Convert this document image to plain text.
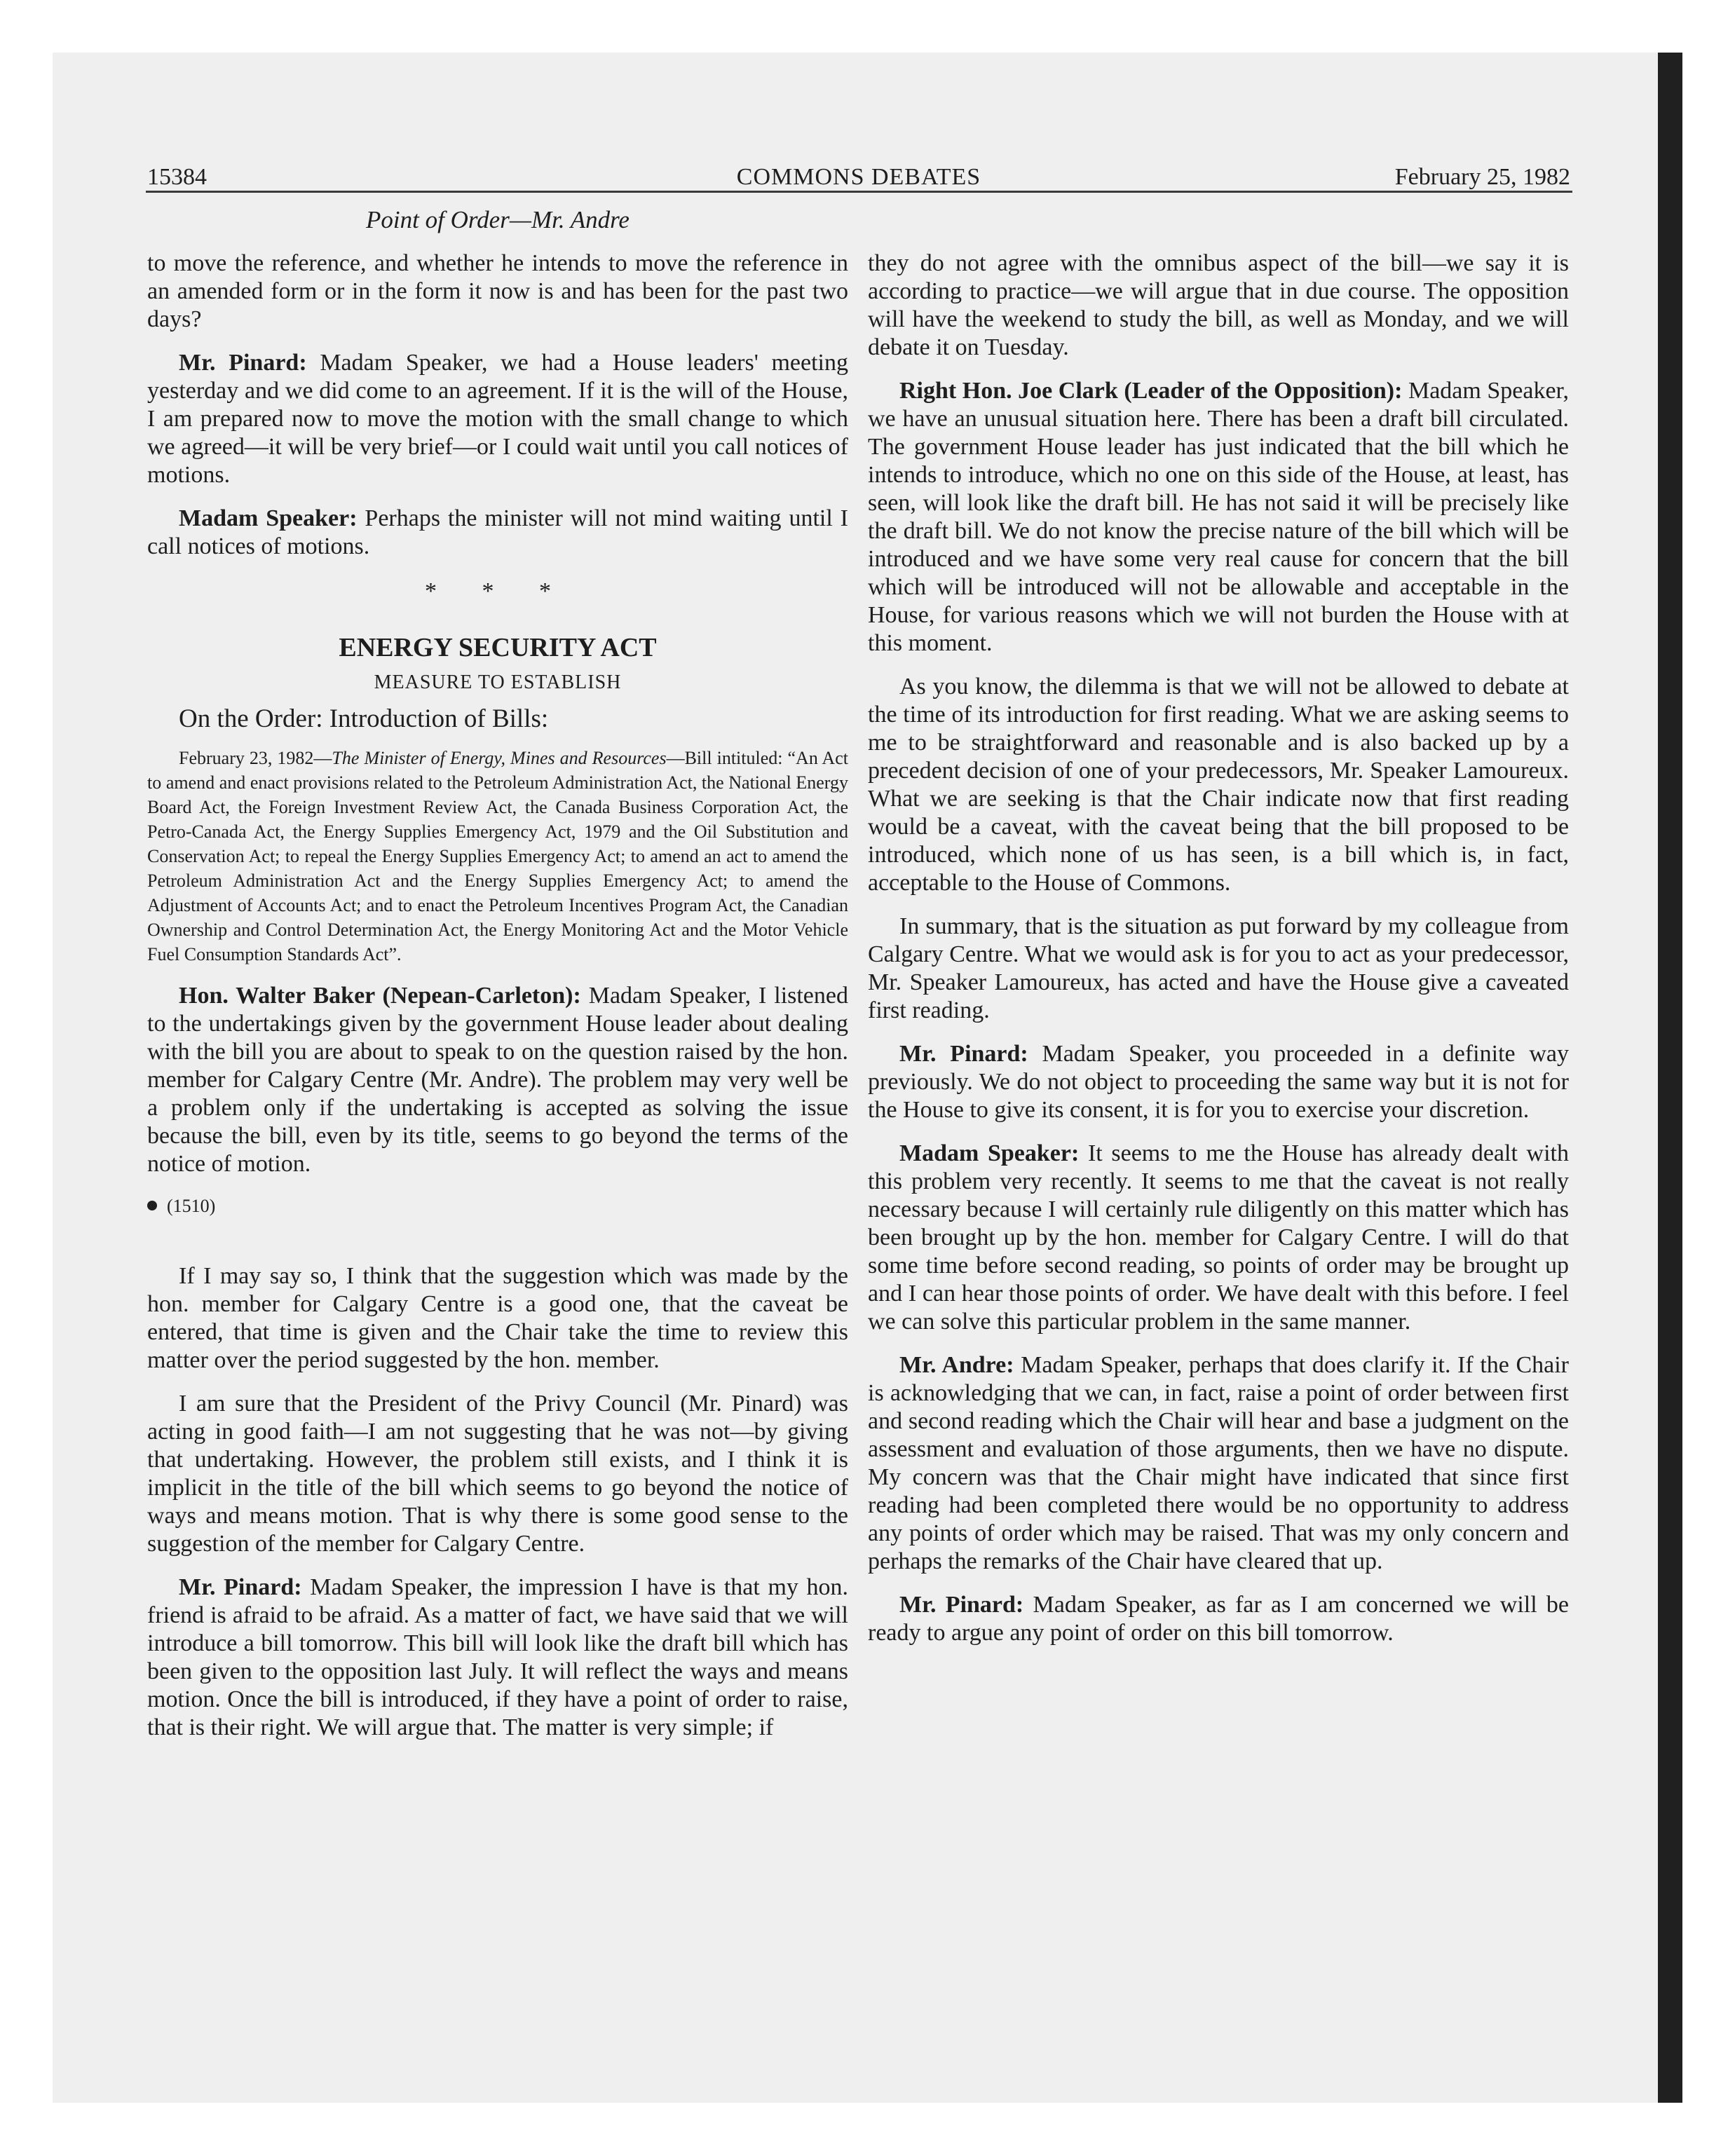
15384	COMMONS DEBATES	February 25, 1982
Point of Order—Mr. Andre

to move the reference, and whether he intends to move the reference in an amended form or in the form it now is and has been for the past two days?

Mr. Pinard: Madam Speaker, we had a House leaders' meeting yesterday and we did come to an agreement. If it is the will of the House, I am prepared now to move the motion with the small change to which we agreed—it will be very brief—or I could wait until you call notices of motions.

Madam Speaker: Perhaps the minister will not mind waiting until I call notices of motions.

* * *
ENERGY SECURITY ACT
MEASURE TO ESTABLISH
On the Order: Introduction of Bills:

February 23, 1982—The Minister of Energy, Mines and Resources—Bill intituled: “An Act to amend and enact provisions related to the Petroleum Administration Act, the National Energy Board Act, the Foreign Investment Review Act, the Canada Business Corporation Act, the Petro-Canada Act, the Energy Supplies Emergency Act, 1979 and the Oil Substitution and Conservation Act; to repeal the Energy Supplies Emergency Act; to amend an act to amend the Petroleum Administration Act and the Energy Supplies Emergency Act; to amend the Adjustment of Accounts Act; and to enact the Petroleum Incentives Program Act, the Canadian Ownership and Control Determination Act, the Energy Monitoring Act and the Motor Vehicle Fuel Consumption Standards Act”.

Hon. Walter Baker (Nepean-Carleton): Madam Speaker, I listened to the undertakings given by the government House leader about dealing with the bill you are about to speak to on the question raised by the hon. member for Calgary Centre (Mr. Andre). The problem may very well be a problem only if the undertaking is accepted as solving the issue because the bill, even by its title, seems to go beyond the terms of the notice of motion.

(1510)

If I may say so, I think that the suggestion which was made by the hon. member for Calgary Centre is a good one, that the caveat be entered, that time is given and the Chair take the time to review this matter over the period suggested by the hon. member.

I am sure that the President of the Privy Council (Mr. Pinard) was acting in good faith—I am not suggesting that he was not—by giving that undertaking. However, the problem still exists, and I think it is implicit in the title of the bill which seems to go beyond the notice of ways and means motion. That is why there is some good sense to the suggestion of the member for Calgary Centre.

Mr. Pinard: Madam Speaker, the impression I have is that my hon. friend is afraid to be afraid. As a matter of fact, we have said that we will introduce a bill tomorrow. This bill will look like the draft bill which has been given to the opposition last July. It will reflect the ways and means motion. Once the bill is introduced, if they have a point of order to raise, that is their right. We will argue that. The matter is very simple; if

they do not agree with the omnibus aspect of the bill—we say it is according to practice—we will argue that in due course. The opposition will have the weekend to study the bill, as well as Monday, and we will debate it on Tuesday.

Right Hon. Joe Clark (Leader of the Opposition): Madam Speaker, we have an unusual situation here. There has been a draft bill circulated. The government House leader has just indicated that the bill which he intends to introduce, which no one on this side of the House, at least, has seen, will look like the draft bill. He has not said it will be precisely like the draft bill. We do not know the precise nature of the bill which will be introduced and we have some very real cause for concern that the bill which will be introduced will not be allowable and acceptable in the House, for various reasons which we will not burden the House with at this moment.

As you know, the dilemma is that we will not be allowed to debate at the time of its introduction for first reading. What we are asking seems to me to be straightforward and reasonable and is also backed up by a precedent decision of one of your predecessors, Mr. Speaker Lamoureux. What we are seeking is that the Chair indicate now that first reading would be a caveat, with the caveat being that the bill proposed to be introduced, which none of us has seen, is a bill which is, in fact, acceptable to the House of Commons.

In summary, that is the situation as put forward by my colleague from Calgary Centre. What we would ask is for you to act as your predecessor, Mr. Speaker Lamoureux, has acted and have the House give a caveated first reading.

Mr. Pinard: Madam Speaker, you proceeded in a definite way previously. We do not object to proceeding the same way but it is not for the House to give its consent, it is for you to exercise your discretion.

Madam Speaker: It seems to me the House has already dealt with this problem very recently. It seems to me that the caveat is not really necessary because I will certainly rule diligently on this matter which has been brought up by the hon. member for Calgary Centre. I will do that some time before second reading, so points of order may be brought up and I can hear those points of order. We have dealt with this before. I feel we can solve this particular problem in the same manner.

Mr. Andre: Madam Speaker, perhaps that does clarify it. If the Chair is acknowledging that we can, in fact, raise a point of order between first and second reading which the Chair will hear and base a judgment on the assessment and evaluation of those arguments, then we have no dispute. My concern was that the Chair might have indicated that since first reading had been completed there would be no opportunity to address any points of order which may be raised. That was my only concern and perhaps the remarks of the Chair have cleared that up.

Mr. Pinard: Madam Speaker, as far as I am concerned we will be ready to argue any point of order on this bill tomorrow.
